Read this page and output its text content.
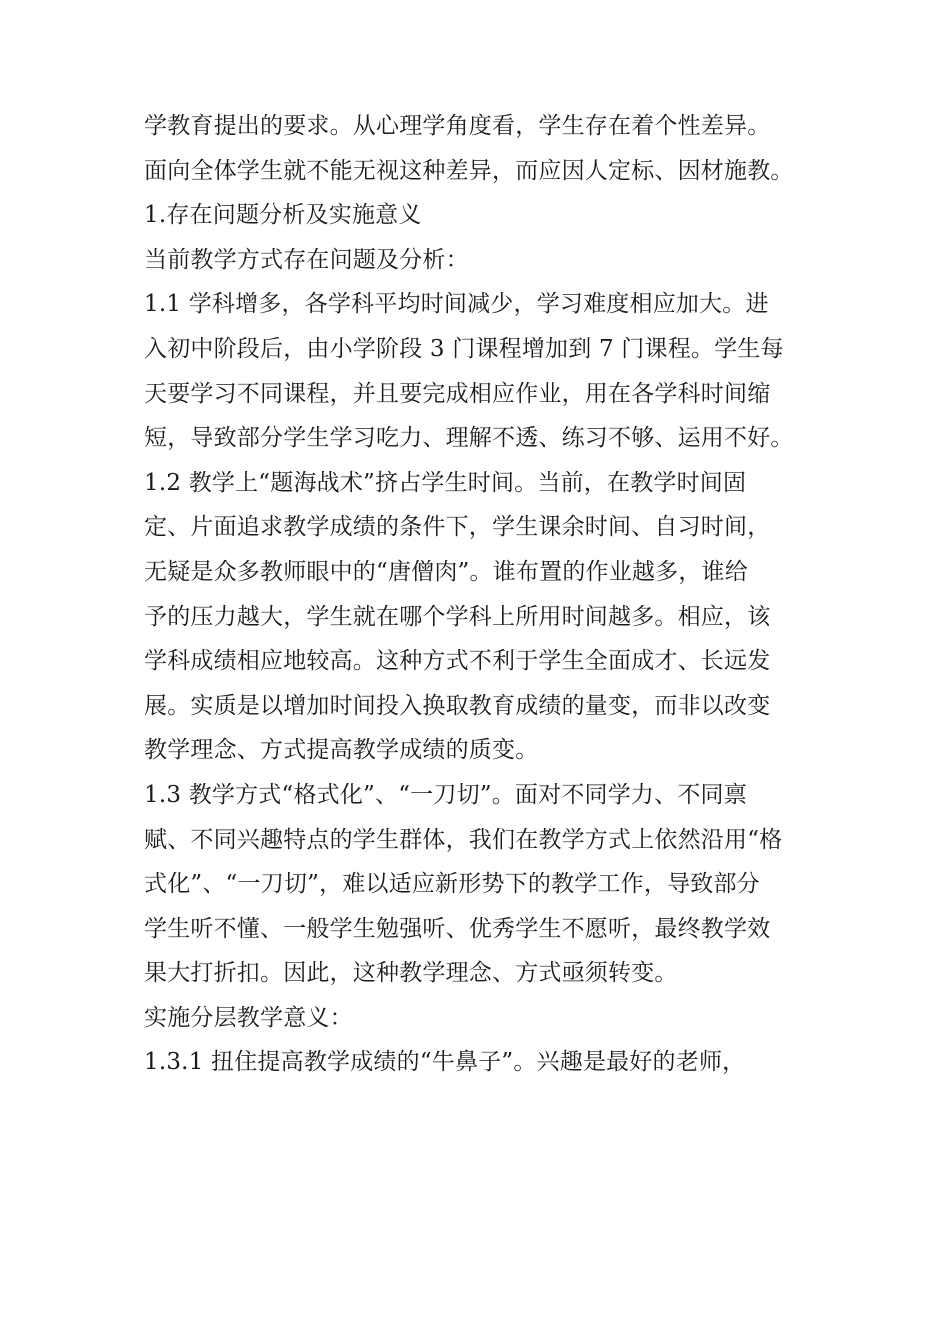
学教育提出的要求。从心理学角度看，学生存在着个性差异。
面向全体学生就不能无视这种差异，而应因人定标、因材施教。
1.存在问题分析及实施意义
当前教学方式存在问题及分析：
1.1 学科增多，各学科平均时间减少，学习难度相应加大。进
入初中阶段后，由小学阶段 3 门课程增加到 7 门课程。学生每
天要学习不同课程，并且要完成相应作业，用在各学科时间缩
短，导致部分学生学习吃力、理解不透、练习不够、运用不好。
1.2 教学上“题海战术”挤占学生时间。当前，在教学时间固
定、片面追求教学成绩的条件下，学生课余时间、自习时间，
无疑是众多教师眼中的“唐僧肉”。谁布置的作业越多，谁给
予的压力越大，学生就在哪个学科上所用时间越多。相应，该
学科成绩相应地较高。这种方式不利于学生全面成才、长远发
展。实质是以增加时间投入换取教育成绩的量变，而非以改变
教学理念、方式提高教学成绩的质变。
1.3 教学方式“格式化”、“一刀切”。面对不同学力、不同禀
赋、不同兴趣特点的学生群体，我们在教学方式上依然沿用“格
式化”、“一刀切”，难以适应新形势下的教学工作，导致部分
学生听不懂、一般学生勉强听、优秀学生不愿听，最终教学效
果大打折扣。因此，这种教学理念、方式亟须转变。
实施分层教学意义：
1.3.1 扭住提高教学成绩的“牛鼻子”。兴趣是最好的老师，
